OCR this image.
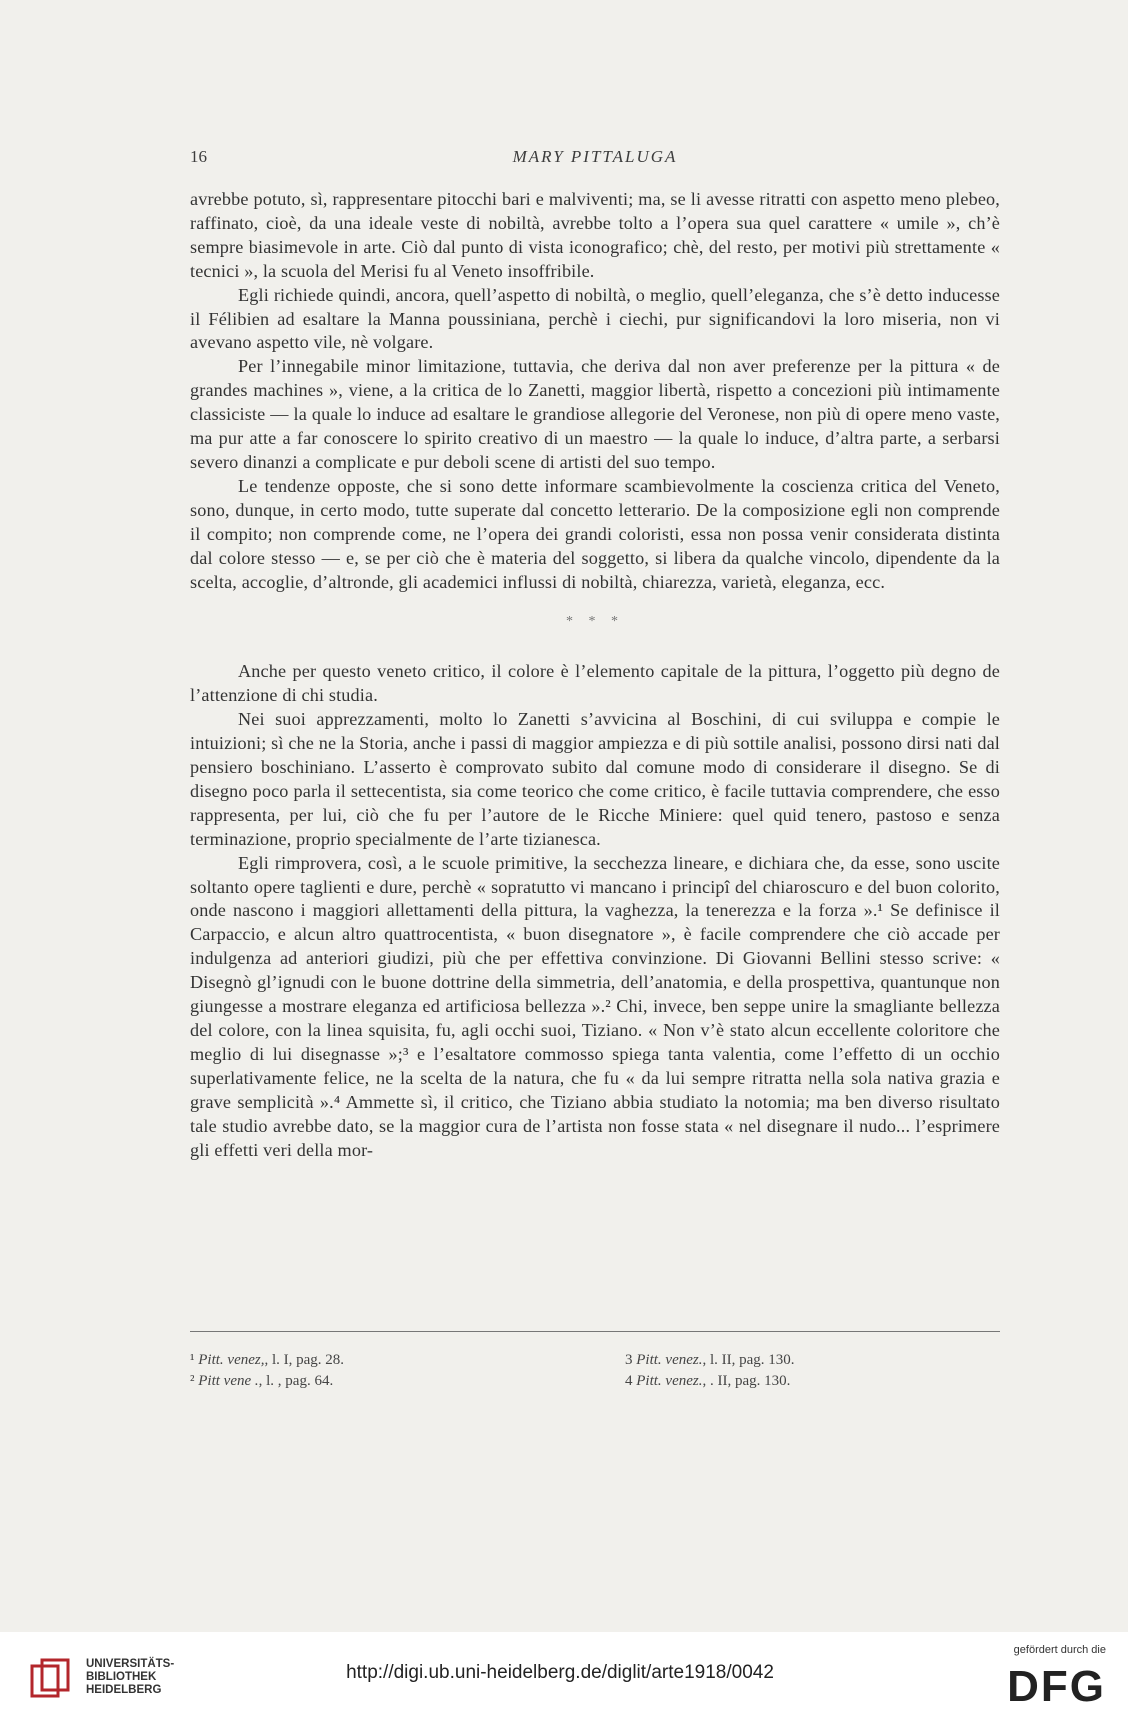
16	MARY PITTALUGA

avrebbe potuto, sì, rappresentare pitocchi bari e malviventi; ma, se li avesse ritratti con aspetto meno plebeo, raffinato, cioè, da una ideale veste di nobiltà, avrebbe tolto a l’opera sua quel carattere « umile », ch’è sempre biasimevole in arte. Ciò dal punto di vista iconografico; chè, del resto, per motivi più strettamente « tecnici », la scuola del Merisi fu al Veneto insoffribile.

Egli richiede quindi, ancora, quell’aspetto di nobiltà, o meglio, quell’eleganza, che s’è detto inducesse il Félibien ad esaltare la Manna poussiniana, perchè i ciechi, pur significandovi la loro miseria, non vi avevano aspetto vile, nè volgare.

Per l’innegabile minor limitazione, tuttavia, che deriva dal non aver preferenze per la pittura « de grandes machines », viene, a la critica de lo Zanetti, maggior libertà, rispetto a concezioni più intimamente classiciste — la quale lo induce ad esaltare le grandiose allegorie del Veronese, non più di opere meno vaste, ma pur atte a far conoscere lo spirito creativo di un maestro — la quale lo induce, d’altra parte, a serbarsi severo dinanzi a complicate e pur deboli scene di artisti del suo tempo.

Le tendenze opposte, che si sono dette informare scambievolmente la coscienza critica del Veneto, sono, dunque, in certo modo, tutte superate dal concetto letterario. De la composizione egli non comprende il compito; non comprende come, ne l’opera dei grandi coloristi, essa non possa venir considerata distinta dal colore stesso — e, se per ciò che è materia del soggetto, si libera da qualche vincolo, dipendente da la scelta, accoglie, d’altronde, gli academici influssi di nobiltà, chiarezza, varietà, eleganza, ecc.

* * *

Anche per questo veneto critico, il colore è l’elemento capitale de la pittura, l’oggetto più degno de l’attenzione di chi studia.

Nei suoi apprezzamenti, molto lo Zanetti s’avvicina al Boschini, di cui sviluppa e compie le intuizioni; sì che ne la Storia, anche i passi di maggior ampiezza e di più sottile analisi, possono dirsi nati dal pensiero boschiniano. L’asserto è comprovato subito dal comune modo di considerare il disegno. Se di disegno poco parla il settecentista, sia come teorico che come critico, è facile tuttavia comprendere, che esso rappresenta, per lui, ciò che fu per l’autore de le Ricche Miniere: quel quid tenero, pastoso e senza terminazione, proprio specialmente de l’arte tizianesca.

Egli rimprovera, così, a le scuole primitive, la secchezza lineare, e dichiara che, da esse, sono uscite soltanto opere taglienti e dure, perchè « sopratutto vi mancano i principî del chiaroscuro e del buon colorito, onde nascono i maggiori allettamenti della pittura, la vaghezza, la tenerezza e la forza ».¹ Se definisce il Carpaccio, e alcun altro quattrocentista, « buon disegnatore », è facile comprendere che ciò accade per indulgenza ad anteriori giudizi, più che per effettiva convinzione. Di Giovanni Bellini stesso scrive: « Disegnò gl’ignudi con le buone dottrine della simmetria, dell’anatomia, e della prospettiva, quantunque non giungesse a mostrare eleganza ed artificiosa bellezza ».² Chi, invece, ben seppe unire la smagliante bellezza del colore, con la linea squisita, fu, agli occhi suoi, Tiziano. « Non v’è stato alcun eccellente coloritore che meglio di lui disegnasse »;³ e l’esaltatore commosso spiega tanta valentia, come l’effetto di un occhio superlativamente felice, ne la scelta de la natura, che fu « da lui sempre ritratta nella sola nativa grazia e grave semplicità ».⁴ Ammette sì, il critico, che Tiziano abbia studiato la notomia; ma ben diverso risultato tale studio avrebbe dato, se la maggior cura de l’artista non fosse stata « nel disegnare il nudo... l’esprimere gli effetti veri della mor-

¹ Pitt. venez,, l. I, pag. 28.	3 Pitt. venez., l. II, pag. 130.
² Pitt vene ., l. , pag. 64.	4 Pitt. venez., . II, pag. 130.
UNIVERSITÄTS-
BIBLIOTHEK
HEIDELBERG
http://digi.ub.uni-heidelberg.de/diglit/arte1918/0042
gefördert durch die
DFG
